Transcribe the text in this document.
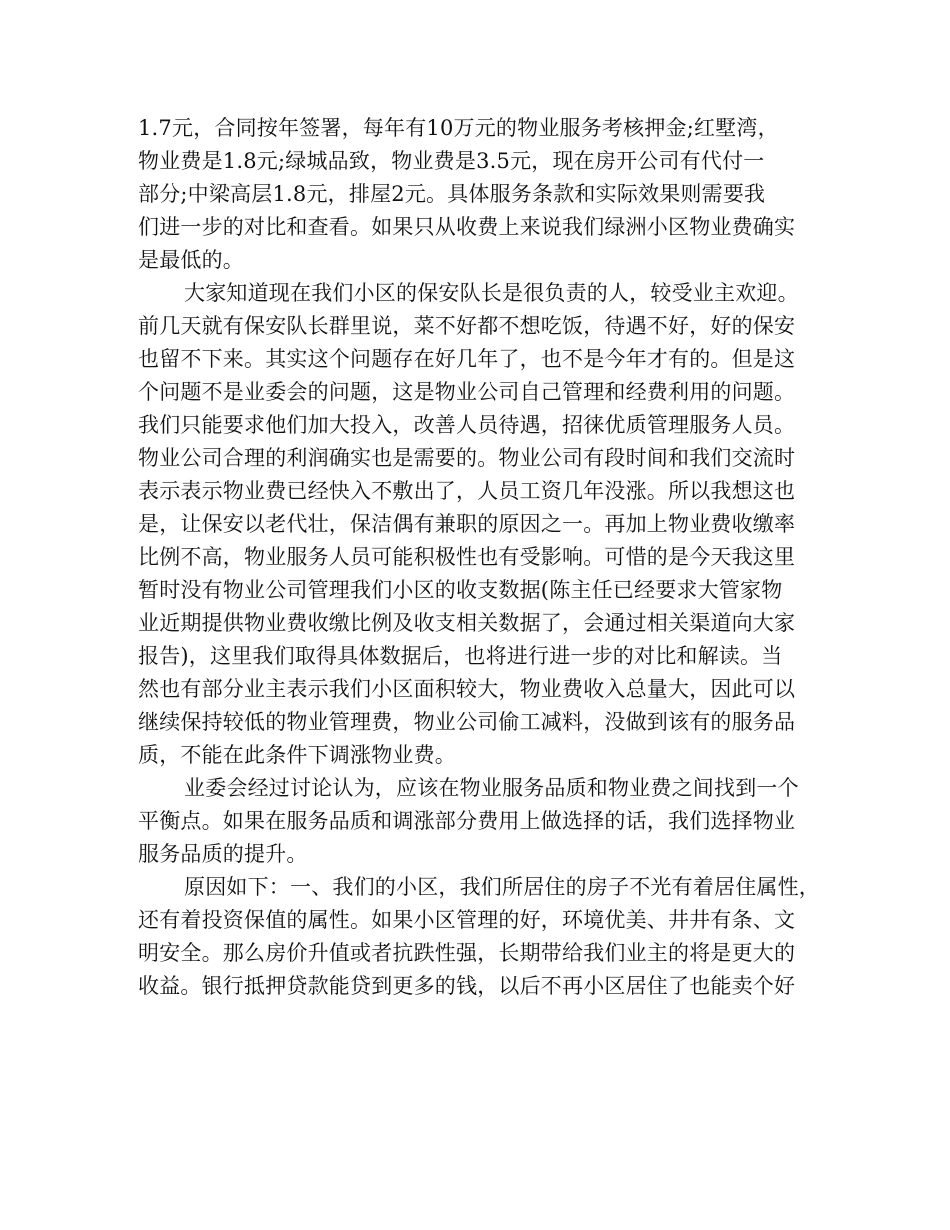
1.7元，合同按年签署，每年有10万元的物业服务考核押金;红墅湾，
物业费是1.8元;绿城品致，物业费是3.5元，现在房开公司有代付一
部分;中梁高层1.8元，排屋2元。具体服务条款和实际效果则需要我
们进一步的对比和查看。如果只从收费上来说我们绿洲小区物业费确实
是最低的。
大家知道现在我们小区的保安队长是很负责的人，较受业主欢迎。
前几天就有保安队长群里说，菜不好都不想吃饭，待遇不好，好的保安
也留不下来。其实这个问题存在好几年了，也不是今年才有的。但是这
个问题不是业委会的问题，这是物业公司自己管理和经费利用的问题。
我们只能要求他们加大投入，改善人员待遇，招徕优质管理服务人员。
物业公司合理的利润确实也是需要的。物业公司有段时间和我们交流时
表示表示物业费已经快入不敷出了，人员工资几年没涨。所以我想这也
是，让保安以老代壮，保洁偶有兼职的原因之一。再加上物业费收缴率
比例不高，物业服务人员可能积极性也有受影响。可惜的是今天我这里
暂时没有物业公司管理我们小区的收支数据(陈主任已经要求大管家物
业近期提供物业费收缴比例及收支相关数据了，会通过相关渠道向大家
报告)，这里我们取得具体数据后，也将进行进一步的对比和解读。当
然也有部分业主表示我们小区面积较大，物业费收入总量大，因此可以
继续保持较低的物业管理费，物业公司偷工减料，没做到该有的服务品
质，不能在此条件下调涨物业费。
业委会经过讨论认为，应该在物业服务品质和物业费之间找到一个
平衡点。如果在服务品质和调涨部分费用上做选择的话，我们选择物业
服务品质的提升。
原因如下：一、我们的小区，我们所居住的房子不光有着居住属性，
还有着投资保值的属性。如果小区管理的好，环境优美、井井有条、文
明安全。那么房价升值或者抗跌性强，长期带给我们业主的将是更大的
收益。银行抵押贷款能贷到更多的钱，以后不再小区居住了也能卖个好
